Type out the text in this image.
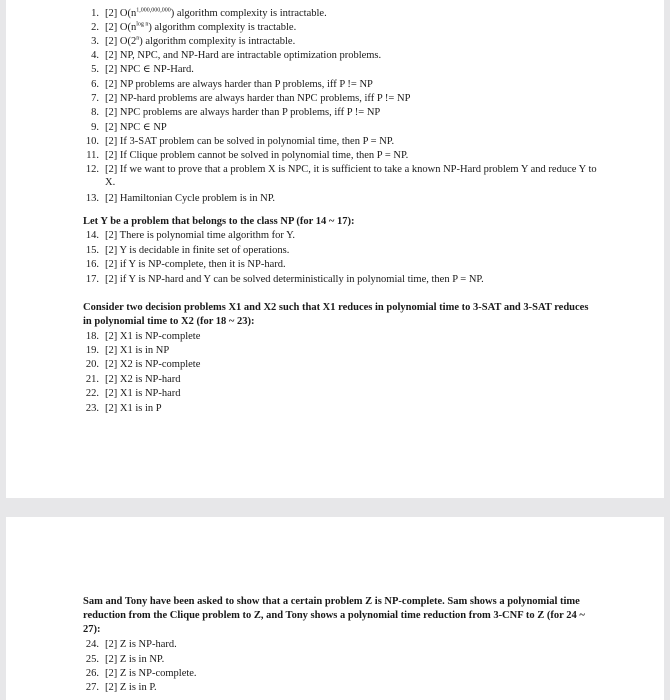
1. [2] $O(n^{1,000,000,000})$ algorithm complexity is intractable.
2. [2] $O(n^{log n})$ algorithm complexity is tractable.
3. [2] O(2$^n$) algorithm complexity is intractable.
4. [2] NP, NPC, and NP-Hard are intractable optimization problems.
5. [2] NPC ∈ NP-Hard.
6. [2] NP problems are always harder than P problems, iff P != NP
7. [2] NP-hard problems are always harder than NPC problems, iff P != NP
8. [2] NPC problems are always harder than P problems, iff P != NP
9. [2] NPC ∈ NP
10. [2] If 3-SAT problem can be solved in polynomial time, then P = NP.
11. [2] If Clique problem cannot be solved in polynomial time, then P = NP.
12. [2] If we want to prove that a problem X is NPC, it is sufficient to take a known NP-Hard problem Y and reduce Y to X.
13. [2] Hamiltonian Cycle problem is in NP.
Let Y be a problem that belongs to the class NP (for 14 ~ 17):
14. [2] There is polynomial time algorithm for Y.
15. [2] Y is decidable in finite set of operations.
16. [2] if Y is NP-complete, then it is NP-hard.
17. [2] if Y is NP-hard and Y can be solved deterministically in polynomial time, then P = NP.
Consider two decision problems X1 and X2 such that X1 reduces in polynomial time to 3-SAT and 3-SAT reduces in polynomial time to X2 (for 18 ~ 23):
18. [2] X1 is NP-complete
19. [2] X1 is in NP
20. [2] X2 is NP-complete
21. [2] X2 is NP-hard
22. [2] X1 is NP-hard
23. [2] X1 is in P
Sam and Tony have been asked to show that a certain problem Z is NP-complete. Sam shows a polynomial time reduction from the Clique problem to Z, and Tony shows a polynomial time reduction from 3-CNF to Z (for 24 ~ 27):
24. [2] Z is NP-hard.
25. [2] Z is in NP.
26. [2] Z is NP-complete.
27. [2] Z is in P.
